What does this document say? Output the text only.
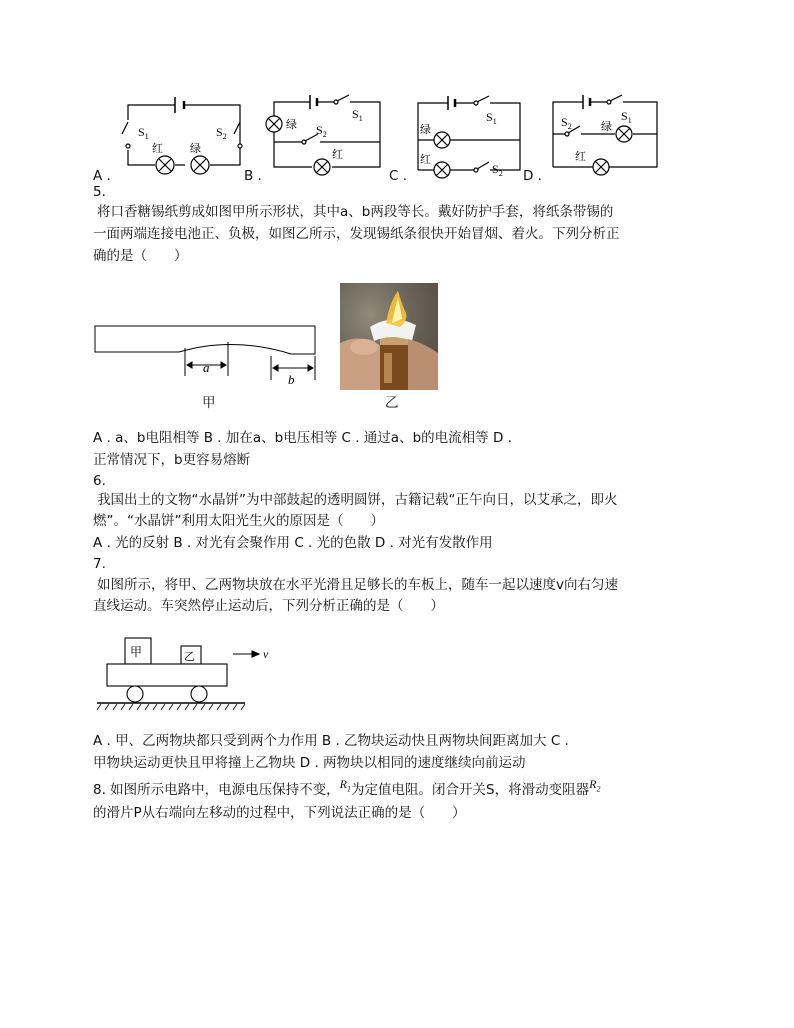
$S_1$	$S_2$
红 绿
绿
$S_1$
$S_2$
红
绿
红
$S_1$
$S_2$
$S_2$	绿
$S_1$
红
A .	B .	C .	D .
5.
将口香糖锡纸剪成如图甲所示形状，其中a、b两段等长。戴好防护手套，将纸条带锡的
一面两端连接电池正、负极，如图乙所示，发现锡纸条很快开始冒烟、着火。下列分析正
确的是（　　）
a
b
甲	乙
A . a、b电阻相等 B . 加在a、b电压相等 C . 通过a、b的电流相等 D .
正常情况下，b更容易熔断
6.
我国出土的文物“水晶饼”为中部鼓起的透明圆饼，古籍记载“正午向日，以艾承之，即火
燃”。“水晶饼”利用太阳光生火的原因是（　　）
A . 光的反射 B . 对光有会聚作用 C . 光的色散 D . 对光有发散作用
7.
如图所示，将甲、乙两物块放在水平光滑且足够长的车板上，随车一起以速度v向右匀速
直线运动。车突然停止运动后，下列分析正确的是（　　）
甲	乙	v
A . 甲、乙两物块都只受到两个力作用 B . 乙物块运动快且两物块间距离加大 C .
甲物块运动更快且甲将撞上乙物块 D . 两物块以相同的速度继续向前运动
8. 如图所示电路中，电源电压保持不变，$R_1$为定值电阻。闭合开关S，将滑动变阻器$R_2$
的滑片P从右端向左移动的过程中，下列说法正确的是（　　）
